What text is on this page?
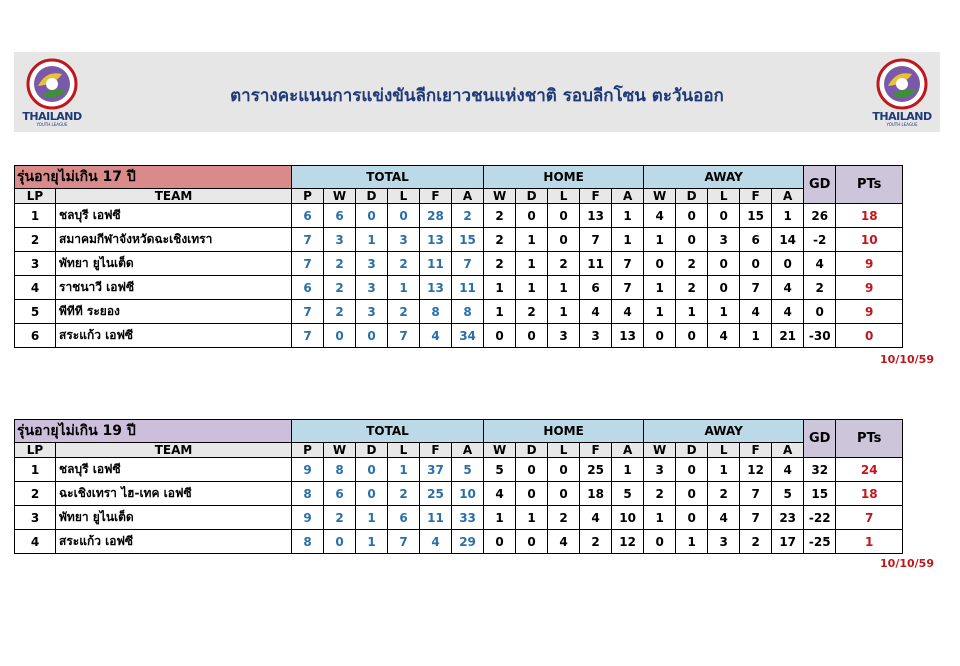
THAILAND
YOUTH LEAGUE
ตารางคะแนนการแข่งขันลีกเยาวชนแห่งชาติ รอบลีกโซน ตะวันออก
THAILAND
YOUTH LEAGUE
รุ่นอายุไม่เกิน 17 ปี		TOTAL						HOME					AWAY					GD	PTs
LP	TEAM	P	W	D	L	F	A	W	D	L	F	A	W	D	L	F	A		
1	ชลบุรี เอฟซี	6	6	0	0	28	2	2	0	0	13	1	4	0	0	15	1	26	18
2	สมาคมกีฬาจังหวัดฉะเชิงเทรา	7	3	1	3	13	15	2	1	0	7	1	1	0	3	6	14	-2	10
3	พัทยา ยูไนเต็ด	7	2	3	2	11	7	2	1	2	11	7	0	2	0	0	0	4	9
4	ราชนาวี เอฟซี	6	2	3	1	13	11	1	1	1	6	7	1	2	0	7	4	2	9
5	พีทีที ระยอง	7	2	3	2	8	8	1	2	1	4	4	1	1	1	4	4	0	9
6	สระแก้ว เอฟซี	7	0	0	7	4	34	0	0	3	3	13	0	0	4	1	21	-30	0
10/10/59
รุ่นอายุไม่เกิน 19 ปี		TOTAL						HOME					AWAY					GD	PTs
LP	TEAM	P	W	D	L	F	A	W	D	L	F	A	W	D	L	F	A		
1	ชลบุรี เอฟซี	9	8	0	1	37	5	5	0	0	25	1	3	0	1	12	4	32	24
2	ฉะเชิงเทรา ไฮ-เทค เอฟซี	8	6	0	2	25	10	4	0	0	18	5	2	0	2	7	5	15	18
3	พัทยา ยูไนเต็ด	9	2	1	6	11	33	1	1	2	4	10	1	0	4	7	23	-22	7
4	สระแก้ว เอฟซี	8	0	1	7	4	29	0	0	4	2	12	0	1	3	2	17	-25	1
10/10/59
